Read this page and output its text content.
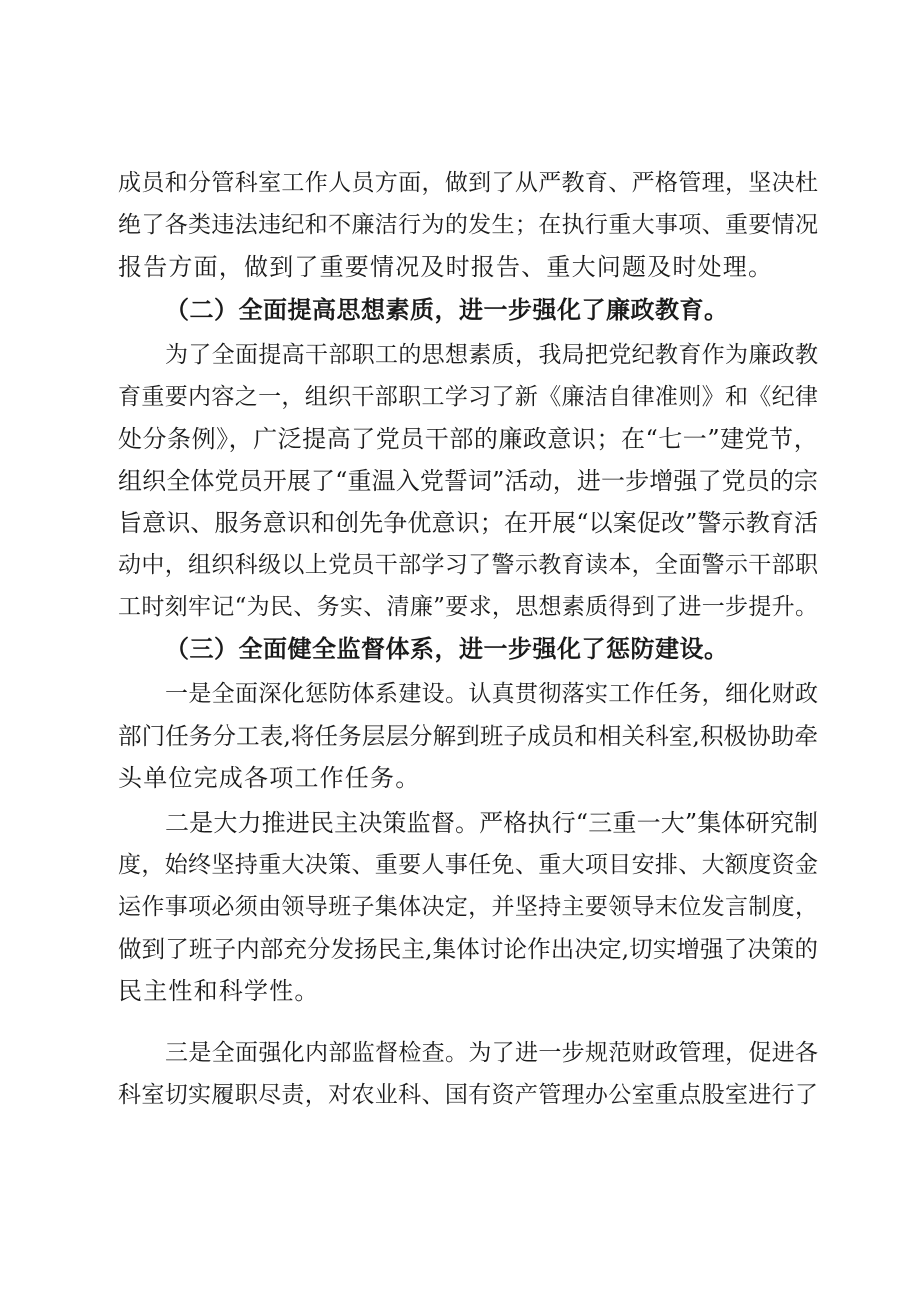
成员和分管科室工作人员方面，做到了从严教育、严格管理，坚决杜
绝了各类违法违纪和不廉洁行为的发生；在执行重大事项、重要情况
报告方面，做到了重要情况及时报告、重大问题及时处理。
（二）全面提高思想素质，进一步强化了廉政教育。
为了全面提高干部职工的思想素质，我局把党纪教育作为廉政教
育重要内容之一，组织干部职工学习了新《廉洁自律准则》和《纪律
处分条例》，广泛提高了党员干部的廉政意识；在“七一”建党节，
组织全体党员开展了“重温入党誓词”活动，进一步增强了党员的宗
旨意识、服务意识和创先争优意识；在开展“以案促改”警示教育活
动中，组织科级以上党员干部学习了警示教育读本，全面警示干部职
工时刻牢记“为民、务实、清廉”要求，思想素质得到了进一步提升。
（三）全面健全监督体系，进一步强化了惩防建设。
一是全面深化惩防体系建设。认真贯彻落实工作任务，细化财政
部门任务分工表,将任务层层分解到班子成员和相关科室,积极协助牵
头单位完成各项工作任务。
二是大力推进民主决策监督。严格执行“三重一大”集体研究制
度，始终坚持重大决策、重要人事任免、重大项目安排、大额度资金
运作事项必须由领导班子集体决定，并坚持主要领导末位发言制度，
做到了班子内部充分发扬民主,集体讨论作出决定,切实增强了决策的
民主性和科学性。
三是全面强化内部监督检查。为了进一步规范财政管理，促进各
科室切实履职尽责，对农业科、国有资产管理办公室重点股室进行了
